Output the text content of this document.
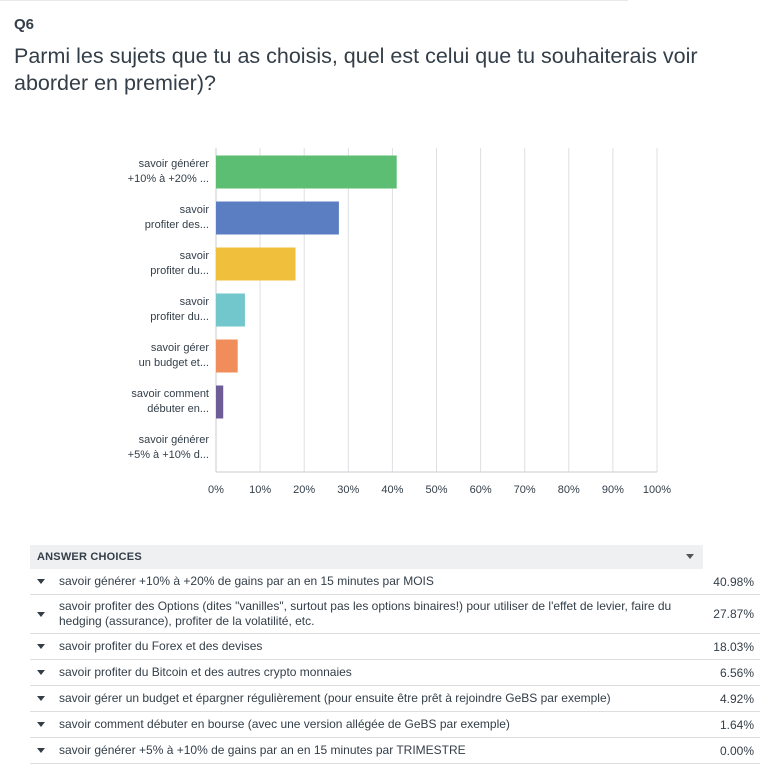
Q6
Parmi les sujets que tu as choisis, quel est celui que tu souhaiterais voir aborder en premier)?
0% 10% 20% 30% 40% 50% 60% 70% 80% 90% 100%
savoir générer
+10% à +20% ...
savoir
profiter des...
savoir
profiter du...
savoir
profiter du...
savoir gérer
un budget et...
savoir comment
débuter en...
savoir générer
+5% à +10% d...
ANSWER CHOICES
savoir générer +10% à +20% de gains par an en 15 minutes par MOIS	40.98%
savoir profiter des Options (dites "vanilles", surtout pas les options binaires!) pour utiliser de l'effet de levier, faire du hedging (assurance), profiter de la volatilité, etc.	27.87%
savoir profiter du Forex et des devises	18.03%
savoir profiter du Bitcoin et des autres crypto monnaies	6.56%
savoir gérer un budget et épargner régulièrement (pour ensuite être prêt à rejoindre GeBS par exemple)	4.92%
savoir comment débuter en bourse (avec une version allégée de GeBS par exemple)	1.64%
savoir générer +5% à +10% de gains par an en 15 minutes par TRIMESTRE	0.00%
